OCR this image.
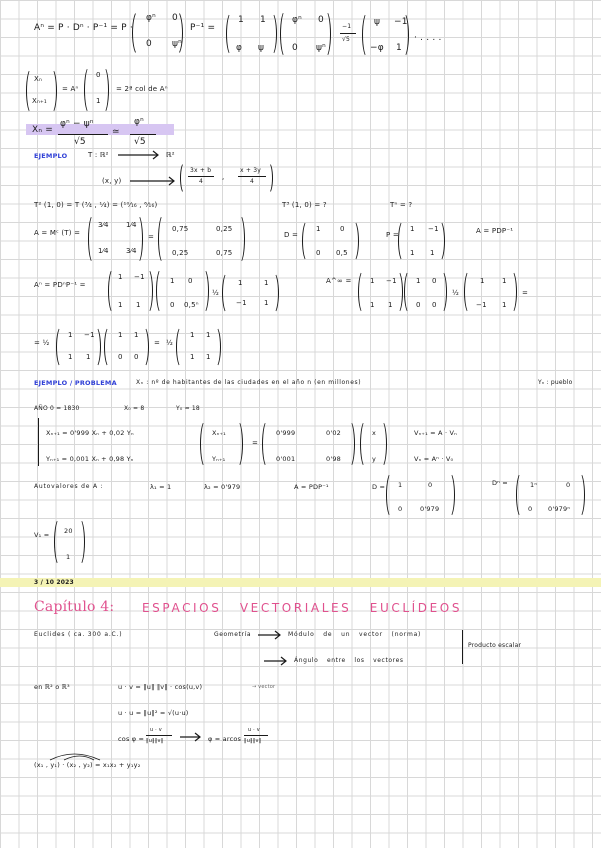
Aⁿ = P · Dⁿ · P⁻¹ = P ·
φⁿ 0
0 ψⁿ
P⁻¹ =
1 1
φ ψ
φⁿ 0
0 ψⁿ
−1
√5
ψ −1
−φ 1
· . . . .
Xₙ
Xₙ₊₁
= Aⁿ
0
1
= 2ª col de Aⁿ
Xₙ =
φⁿ − ψⁿ
√5
≃
φⁿ
√5
EJEMPLO	T : ℝ²	ℝ²
(x, y)
3x + b
4
,
x + 3y
4
T² (1, 0) = T (³⁄₄ , ¹⁄₄) = (¹⁰⁄₁₆ , ⁶⁄₁₆)	T³ (1, 0) = ?	Tⁿ = ?
A = Mᶜ (T) =
3⁄4 1⁄4
1⁄4 3⁄4
=
0,75	0,25
0,25	0,75
D =
1	0
0 0,5
P =
1 −1
1 1
A = PDP⁻¹
Aⁿ = PDⁿP⁻¹ =
1 −1
1 1
1 0
0 0,5ⁿ
½
1	1
−1 1
A^∞ =	1 −1
1 1
1 0
0 0
½
1 1
−1 1
=
= ½
1 −1
1 1
1 1
0 0
= ½
1 1
1 1
EJEMPLO / PROBLEMA	Xₙ : nº de habitantes de las ciudades en el año n (en millones)	Yₙ : pueblo
AÑO 0 = 1830	X₀ = 8	Y₀ = 18
Xₙ₊₁ = 0'999 Xₙ + 0,02 Yₙ
Yₙ₊₁ = 0,001 Xₙ + 0,98 Yₙ
Xₙ₊₁
Yₙ₊₁
=
0'999	0'02
0'001	0'98
x
y
Vₙ₊₁ = A · Vₙ
Vₙ = Aⁿ · V₀
Autovalores de A :	λ₁ = 1	λ₂ = 0'979	A = PDP⁻¹	D = 1	0
0	0'979
Dⁿ =	1ⁿ	0
0 0'979ⁿ
V₁ = 20
1
3 / 10 2023
Capítulo 4: ESPACIOS VECTORIALES EUCLÍDEOS
Euclides ( ca. 300 a.C.)	Geometría	Módulo de un vector (norma)
Ángulo entre los vectores
Producto escalar
en ℝ² o ℝ³	u · v = ‖u‖ ‖v‖ · cos(u,v)	→ vector
u · u = ‖u‖² = √(u·u)
cos φ =
u · v
‖u‖‖v‖	φ = arcos
u · v
‖u‖‖v‖
(x₁ , y₁) · (x₂ , y₂) = x₁x₂ + y₁y₂
